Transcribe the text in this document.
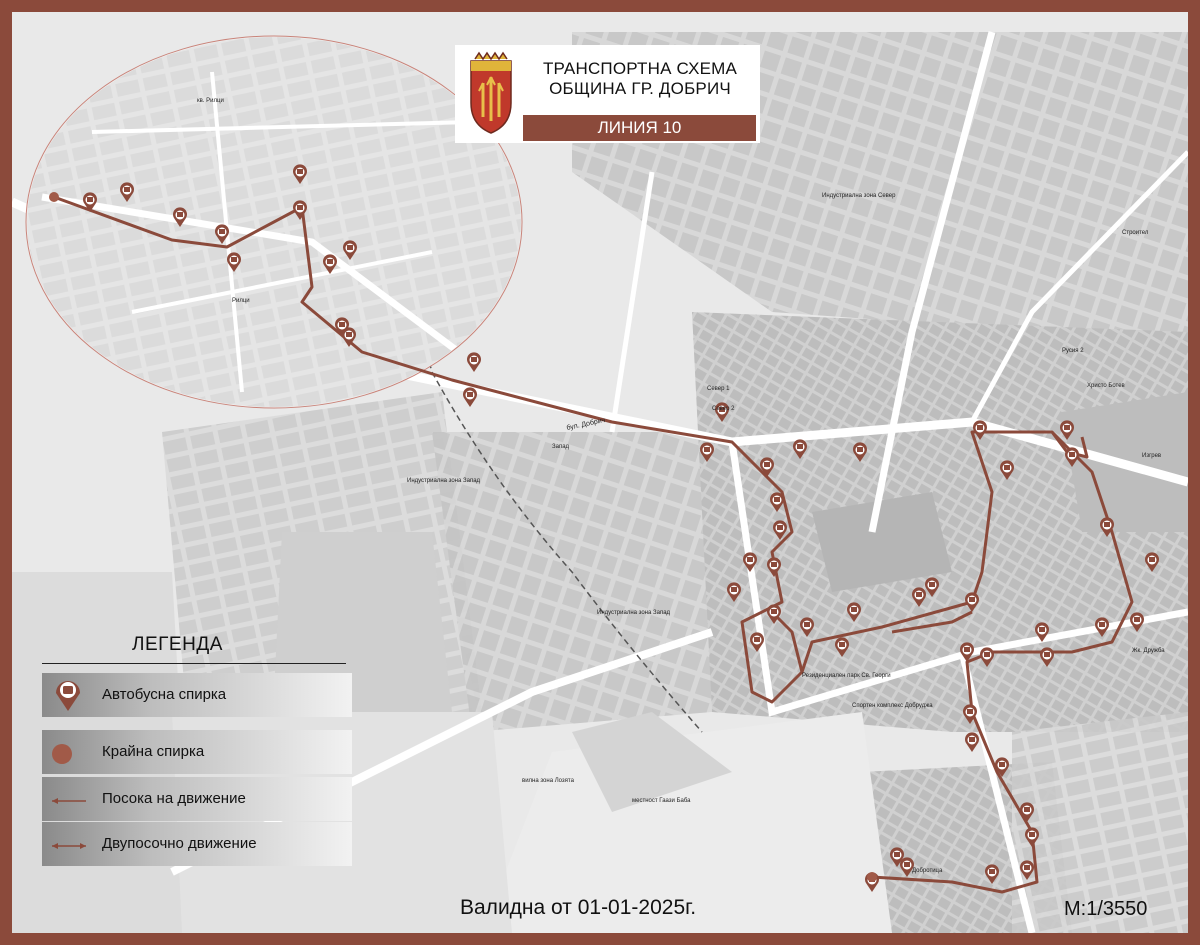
бул. Добрич
Индустриална зона Запад
Индустриална зона Север
Индустриална зона Запад
Резиденциален парк Св. Георги
вилна зона Лозята
местност Гаази Баба
Спортен комплекс Добруджа
Жк. Дружба
Добротица
Русия 2
Христо Ботев
Север 1
Север 2
Строител
Изгрев
Рилци
Запад
кв. Рилци
ТРАНСПОРТНА СХЕМА
ОБЩИНА ГР. ДОБРИЧ
ЛИНИЯ 10
ЛЕГЕНДА
Автобусна спирка
Крайна спирка
Посока на движение
Двупосочно движение
Валидна от 01-01-2025г.	М:1/3550
